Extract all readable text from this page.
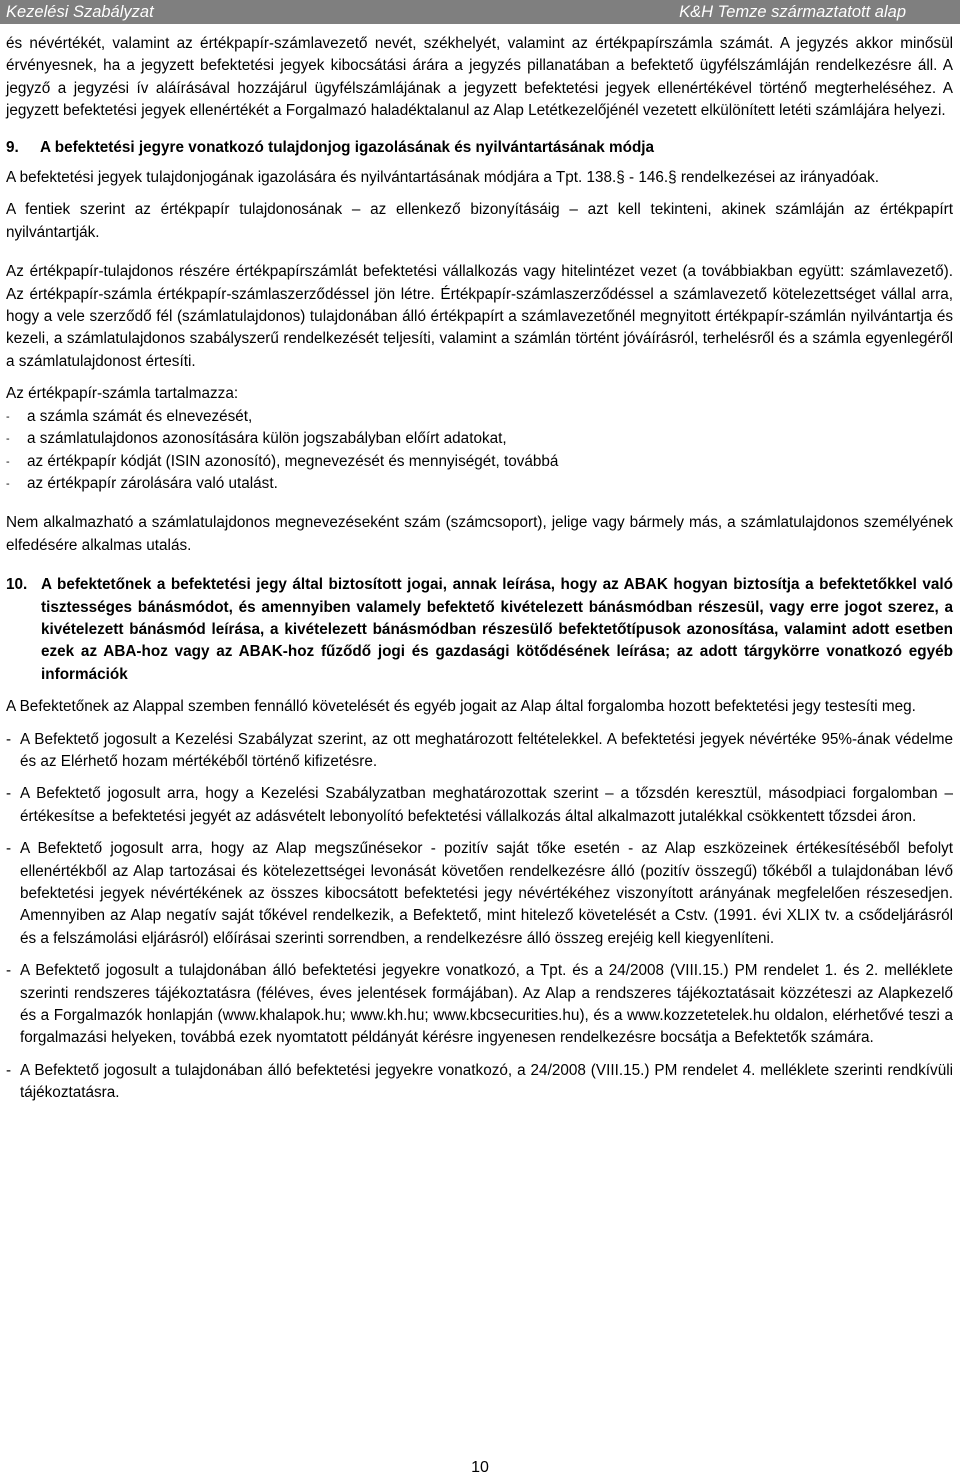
Kezelési Szabályzat	K&H Temze származtatott alap

és névértékét, valamint az értékpapír-számlavezető nevét, székhelyét, valamint az értékpapírszámla számát. A jegyzés akkor minősül érvényesnek, ha a jegyzett befektetési jegyek kibocsátási árára a jegyzés pillanatában a befektető ügyfélszámláján rendelkezésre áll. A jegyző a jegyzési ív aláírásával hozzájárul ügyfélszámlájának a jegyzett befektetési jegyek ellenértékével történő megterheléséhez. A jegyzett befektetési jegyek ellenértékét a Forgalmazó haladéktalanul az Alap Letétkezelőjénél vezetett elkülönített letéti számlájára helyezi.

9.	A befektetési jegyre vonatkozó tulajdonjog igazolásának és nyilvántartásának módja

A befektetési jegyek tulajdonjogának igazolására és nyilvántartásának módjára a Tpt. 138.§ - 146.§ rendelkezései az irányadóak.

A fentiek szerint az értékpapír tulajdonosának – az ellenkező bizonyításáig – azt kell tekinteni, akinek számláján az értékpapírt nyilvántartják.

Az értékpapír-tulajdonos részére értékpapírszámlát befektetési vállalkozás vagy hitelintézet vezet (a továbbiakban együtt: számlavezető). Az értékpapír-számla értékpapír-számlaszerződéssel jön létre. Értékpapír-számlaszerződéssel a számlavezető kötelezettséget vállal arra, hogy a vele szerződő fél (számlatulajdonos) tulajdonában álló értékpapírt a számlavezetőnél megnyitott értékpapír-számlán nyilvántartja és kezeli, a számlatulajdonos szabályszerű rendelkezését teljesíti, valamint a számlán történt jóváírásról, terhelésről és a számla egyenlegéről a számlatulajdonost értesíti.

Az értékpapír-számla tartalmazza:

-	a számla számát és elnevezését,
-	a számlatulajdonos azonosítására külön jogszabályban előírt adatokat,
-	az értékpapír kódját (ISIN azonosító), megnevezését és mennyiségét, továbbá
-	az értékpapír zárolására való utalást.

Nem alkalmazható a számlatulajdonos megnevezéseként szám (számcsoport), jelige vagy bármely más, a számlatulajdonos személyének elfedésére alkalmas utalás.

10. A befektetőnek a befektetési jegy által biztosított jogai, annak leírása, hogy az ABAK hogyan biztosítja a befektetőkkel való tisztességes bánásmódot, és amennyiben valamely befektető kivételezett bánásmódban részesül, vagy erre jogot szerez, a kivételezett bánásmód leírása, a kivételezett bánásmódban részesülő befektetőtípusok azonosítása, valamint adott esetben ezek az ABA-hoz vagy az ABAK-hoz fűződő jogi és gazdasági kötődésének leírása; az adott tárgykörre vonatkozó egyéb információk

A Befektetőnek az Alappal szemben fennálló követelését és egyéb jogait az Alap által forgalomba hozott befektetési jegy testesíti meg.

- A Befektető jogosult a Kezelési Szabályzat szerint, az ott meghatározott feltételekkel. A befektetési jegyek névértéke 95%-ának védelme és az Elérhető hozam mértékéből történő kifizetésre.
- A Befektető jogosult arra, hogy a Kezelési Szabályzatban meghatározottak szerint – a tőzsdén keresztül, másodpiaci forgalomban – értékesítse a befektetési jegyét az adásvételt lebonyolító befektetési vállalkozás által alkalmazott jutalékkal csökkentett tőzsdei áron.
- A Befektető jogosult arra, hogy az Alap megszűnésekor - pozitív saját tőke esetén - az Alap eszközeinek értékesítéséből befolyt ellenértékből az Alap tartozásai és kötelezettségei levonását követően rendelkezésre álló (pozitív összegű) tőkéből a tulajdonában lévő befektetési jegyek névértékének az összes kibocsátott befektetési jegy névértékéhez viszonyított arányának megfelelően részesedjen. Amennyiben az Alap negatív saját tőkével rendelkezik, a Befektető, mint hitelező követelését a Cstv. (1991. évi XLIX tv. a csődeljárásról és a felszámolási eljárásról) előírásai szerinti sorrendben, a rendelkezésre álló összeg erejéig kell kiegyenlíteni.
- A Befektető jogosult a tulajdonában álló befektetési jegyekre vonatkozó, a Tpt. és a 24/2008 (VIII.15.) PM rendelet 1. és 2. melléklete szerinti rendszeres tájékoztatásra (féléves, éves jelentések formájában). Az Alap a rendszeres tájékoztatásait közzéteszi az Alapkezelő és a Forgalmazók honlapján (www.khalapok.hu; www.kh.hu; www.kbcsecurities.hu), és a www.kozzetetelek.hu oldalon, elérhetővé teszi a forgalmazási helyeken, továbbá ezek nyomtatott példányát kérésre ingyenesen rendelkezésre bocsátja a Befektetők számára.
- A Befektető jogosult a tulajdonában álló befektetési jegyekre vonatkozó, a 24/2008 (VIII.15.) PM rendelet 4. melléklete szerinti rendkívüli tájékoztatásra.
10
